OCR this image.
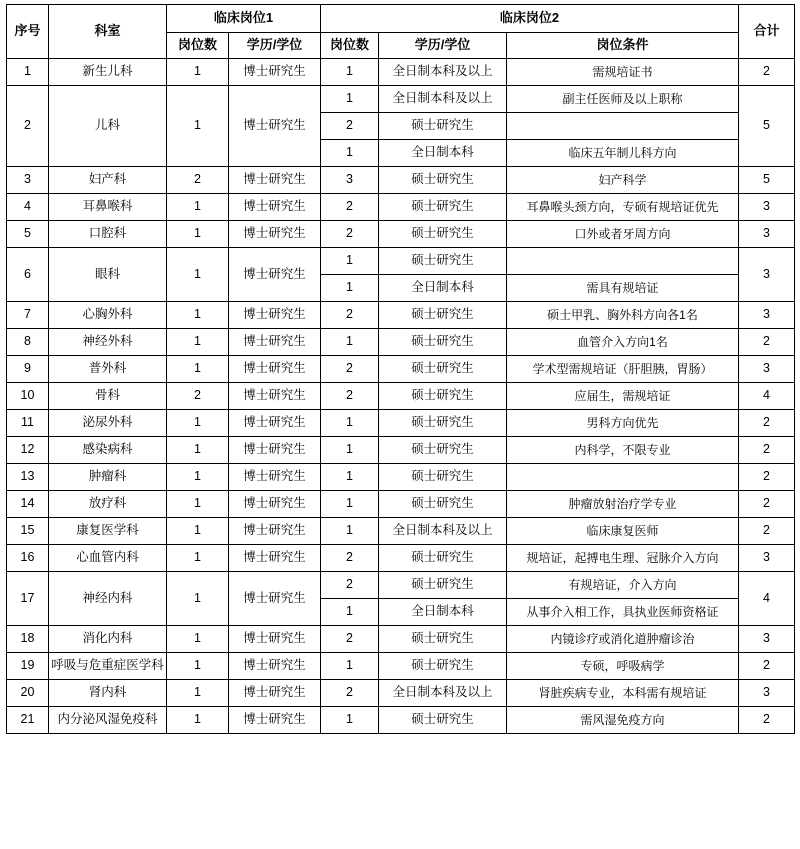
序号	科室	临床岗位1		临床岗位2			合计
		岗位数	学历/学位	岗位数	学历/学位	岗位条件	
1	新生儿科	1	博士研究生	1	全日制本科及以上	需规培证书	2
2	儿科	1	博士研究生	1	全日制本科及以上	副主任医师及以上职称	5
				2	硕士研究生		
				1	全日制本科	临床五年制儿科方向	
3	妇产科	2	博士研究生	3	硕士研究生	妇产科学	5
4	耳鼻喉科	1	博士研究生	2	硕士研究生	耳鼻喉头颈方向，专硕有规培证优先	3
5	口腔科	1	博士研究生	2	硕士研究生	口外或者牙周方向	3
6	眼科	1	博士研究生	1	硕士研究生		3
				1	全日制本科	需具有规培证	
7	心胸外科	1	博士研究生	2	硕士研究生	硕士甲乳、胸外科方向各1名	3
8	神经外科	1	博士研究生	1	硕士研究生	血管介入方向1名	2
9	普外科	1	博士研究生	2	硕士研究生	学术型需规培证（肝胆胰，胃肠）	3
10	骨科	2	博士研究生	2	硕士研究生	应届生，需规培证	4
11	泌尿外科	1	博士研究生	1	硕士研究生	男科方向优先	2
12	感染病科	1	博士研究生	1	硕士研究生	内科学，不限专业	2
13	肿瘤科	1	博士研究生	1	硕士研究生		2
14	放疗科	1	博士研究生	1	硕士研究生	肿瘤放射治疗学专业	2
15	康复医学科	1	博士研究生	1	全日制本科及以上	临床康复医师	2
16	心血管内科	1	博士研究生	2	硕士研究生	规培证，起搏电生理、冠脉介入方向	3
17	神经内科	1	博士研究生	2	硕士研究生	有规培证，介入方向	4
				1	全日制本科	从事介入相工作，具执业医师资格证	
18	消化内科	1	博士研究生	2	硕士研究生	内镜诊疗或消化道肿瘤诊治	3
19	呼吸与危重症医学科	1	博士研究生	1	硕士研究生	专硕，呼吸病学	2
20	肾内科	1	博士研究生	2	全日制本科及以上	肾脏疾病专业，本科需有规培证	3
21	内分泌风湿免疫科	1	博士研究生	1	硕士研究生	需风湿免疫方向	2
